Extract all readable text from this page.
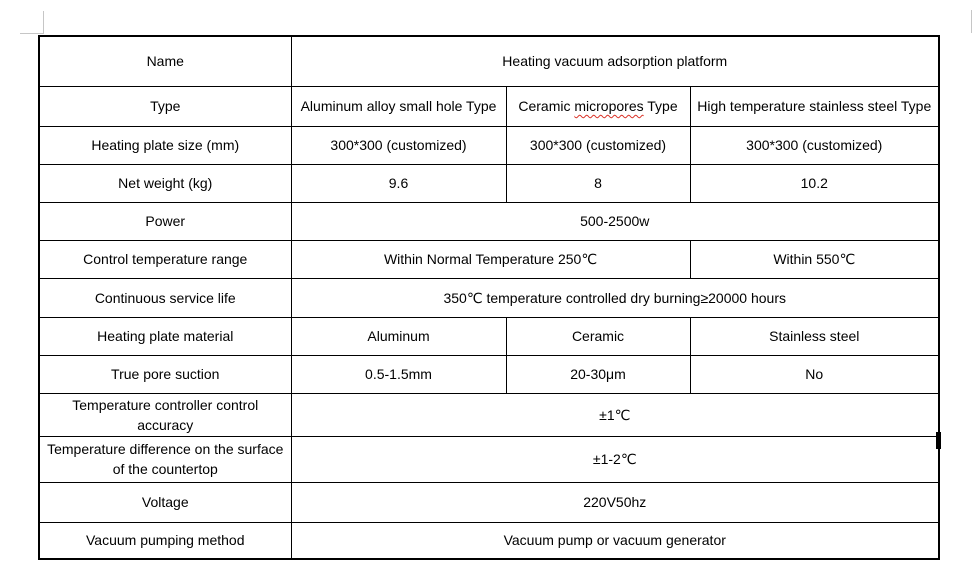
Name	Heating vacuum adsorption platform		
Type	Aluminum alloy small hole Type	Ceramic micropores Type	High temperature stainless steel Type
Heating plate size (mm)	300*300 (customized)	300*300 (customized)	300*300 (customized)
Net weight (kg)	9.6	8	10.2
Power	500-2500w		
Control temperature range	Within Normal Temperature 250℃		Within 550℃
Continuous service life	350℃ temperature controlled dry burning≥20000 hours		
Heating plate material	Aluminum	Ceramic	Stainless steel
True pore suction	0.5-1.5mm	20-30μm	No
Temperature controller control accuracy	±1℃		
Temperature difference on the surface of the countertop	±1-2℃		
Voltage	220V50hz		
Vacuum pumping method	Vacuum pump or vacuum generator		
